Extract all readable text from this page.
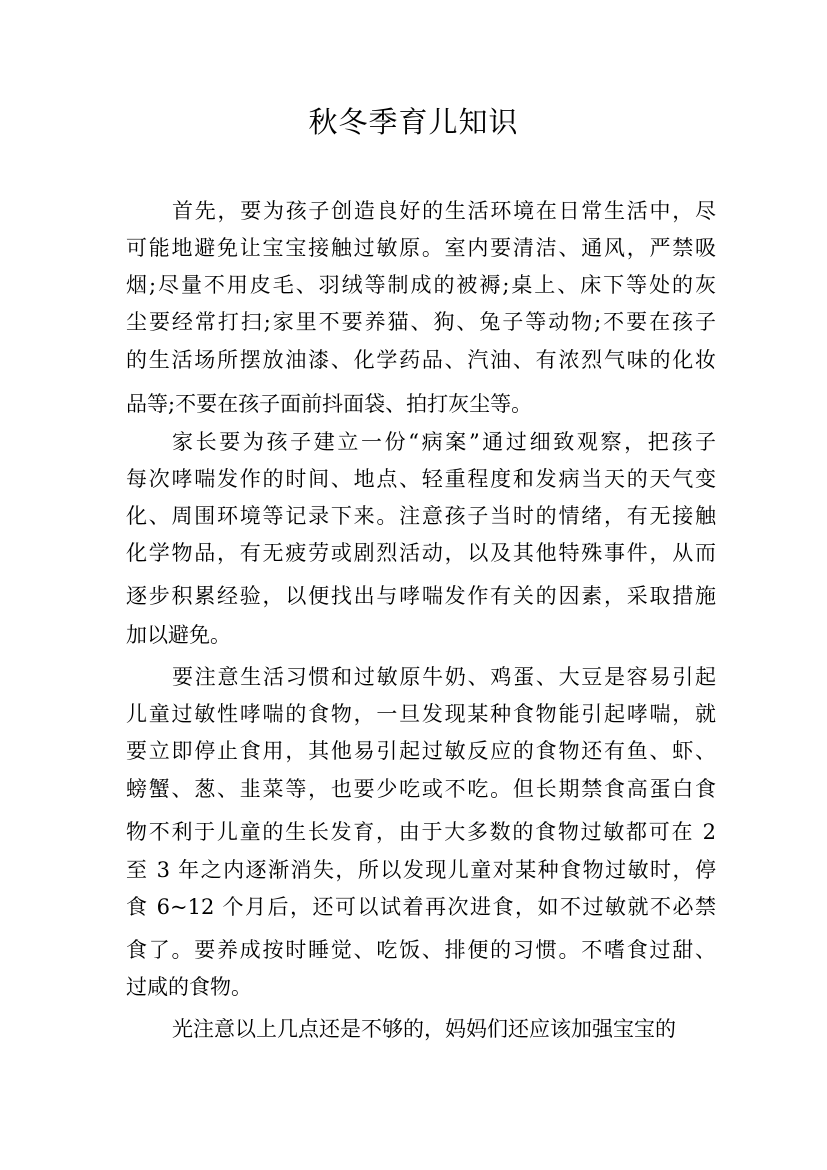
秋冬季育儿知识
首先，要为孩子创造良好的生活环境在日常生活中，尽
可能地避免让宝宝接触过敏原。室内要清洁、通风，严禁吸
烟;尽量不用皮毛、羽绒等制成的被褥;桌上、床下等处的灰
尘要经常打扫;家里不要养猫、狗、兔子等动物;不要在孩子
的生活场所摆放油漆、化学药品、汽油、有浓烈气味的化妆
品等;不要在孩子面前抖面袋、拍打灰尘等。
家长要为孩子建立一份“病案”通过细致观察，把孩子
每次哮喘发作的时间、地点、轻重程度和发病当天的天气变
化、周围环境等记录下来。注意孩子当时的情绪，有无接触
化学物品，有无疲劳或剧烈活动，以及其他特殊事件，从而
逐步积累经验，以便找出与哮喘发作有关的因素，采取措施
加以避免。
要注意生活习惯和过敏原牛奶、鸡蛋、大豆是容易引起
儿童过敏性哮喘的食物，一旦发现某种食物能引起哮喘，就
要立即停止食用，其他易引起过敏反应的食物还有鱼、虾、
螃蟹、葱、韭菜等，也要少吃或不吃。但长期禁食高蛋白食
物不利于儿童的生长发育，由于大多数的食物过敏都可在 2
至 3 年之内逐渐消失，所以发现儿童对某种食物过敏时，停
食 6~12 个月后，还可以试着再次进食，如不过敏就不必禁
食了。要养成按时睡觉、吃饭、排便的习惯。不嗜食过甜、
过咸的食物。
光注意以上几点还是不够的，妈妈们还应该加强宝宝的
